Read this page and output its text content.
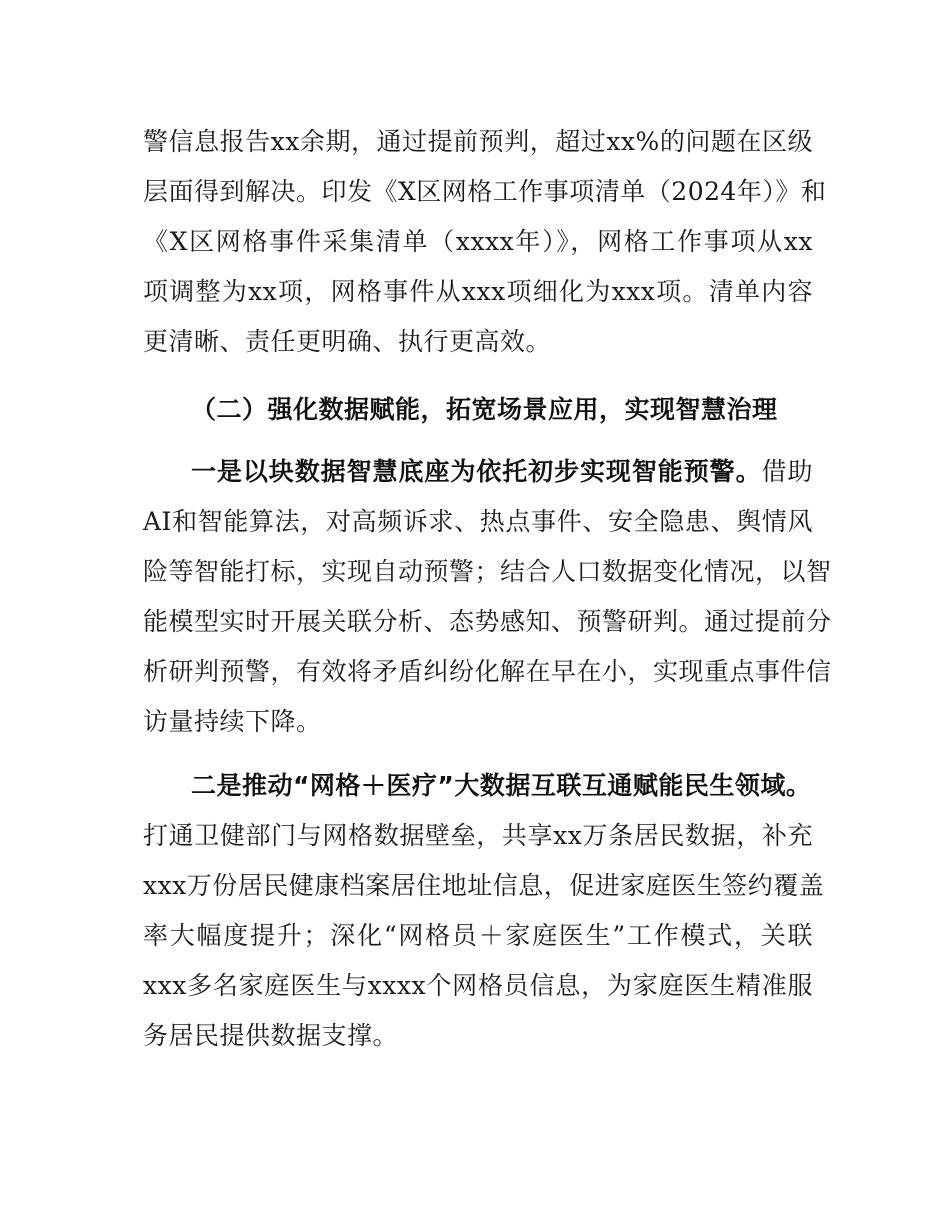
警信息报告xx余期，通过提前预判，超过xx%的问题在区级
层面得到解决。印发《X区网格工作事项清单（2024年）》和
《X区网格事件采集清单（xxxx年）》，网格工作事项从xx
项调整为xx项，网格事件从xxx项细化为xxx项。清单内容
更清晰、责任更明确、执行更高效。
（二）强化数据赋能，拓宽场景应用，实现智慧治理
一是以块数据智慧底座为依托初步实现智能预警。借助
AI和智能算法，对高频诉求、热点事件、安全隐患、舆情风
险等智能打标，实现自动预警；结合人口数据变化情况，以智
能模型实时开展关联分析、态势感知、预警研判。通过提前分
析研判预警，有效将矛盾纠纷化解在早在小，实现重点事件信
访量持续下降。
二是推动“网格＋医疗”大数据互联互通赋能民生领域。
打通卫健部门与网格数据壁垒，共享xx万条居民数据，补充
xxx万份居民健康档案居住地址信息，促进家庭医生签约覆盖
率大幅度提升；深化“网格员＋家庭医生”工作模式，关联
xxx多名家庭医生与xxxx个网格员信息，为家庭医生精准服
务居民提供数据支撑。
